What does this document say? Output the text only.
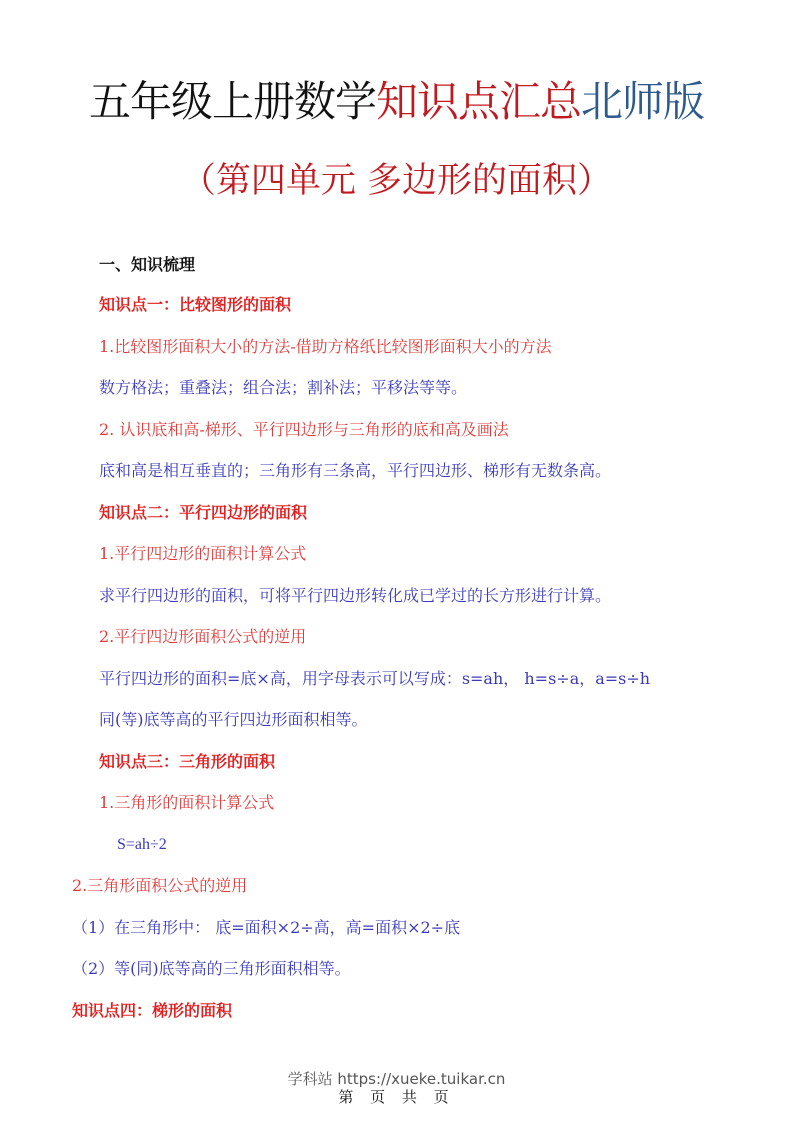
五年级上册数学知识点汇总北师版
（第四单元 多边形的面积）
一、知识梳理
知识点一：比较图形的面积
1.比较图形面积大小的方法-借助方格纸比较图形面积大小的方法
数方格法；重叠法；组合法；割补法；平移法等等。
2. 认识底和高-梯形、平行四边形与三角形的底和高及画法
底和高是相互垂直的；三角形有三条高，平行四边形、梯形有无数条高。
知识点二：平行四边形的面积
1.平行四边形的面积计算公式
求平行四边形的面积，可将平行四边形转化成已学过的长方形进行计算。
2.平行四边形面积公式的逆用
平行四边形的面积=底×高，用字母表示可以写成：s=ah， h=s÷a，a=s÷h
同(等)底等高的平行四边形面积相等。
知识点三：三角形的面积
1.三角形的面积计算公式
S=ah÷2
2.三角形面积公式的逆用
（1）在三角形中： 底=面积×2÷高，高=面积×2÷底
（2）等(同)底等高的三角形面积相等。
知识点四：梯形的面积
学科站 https://xueke.tuikar.cn
第 页 共 页
